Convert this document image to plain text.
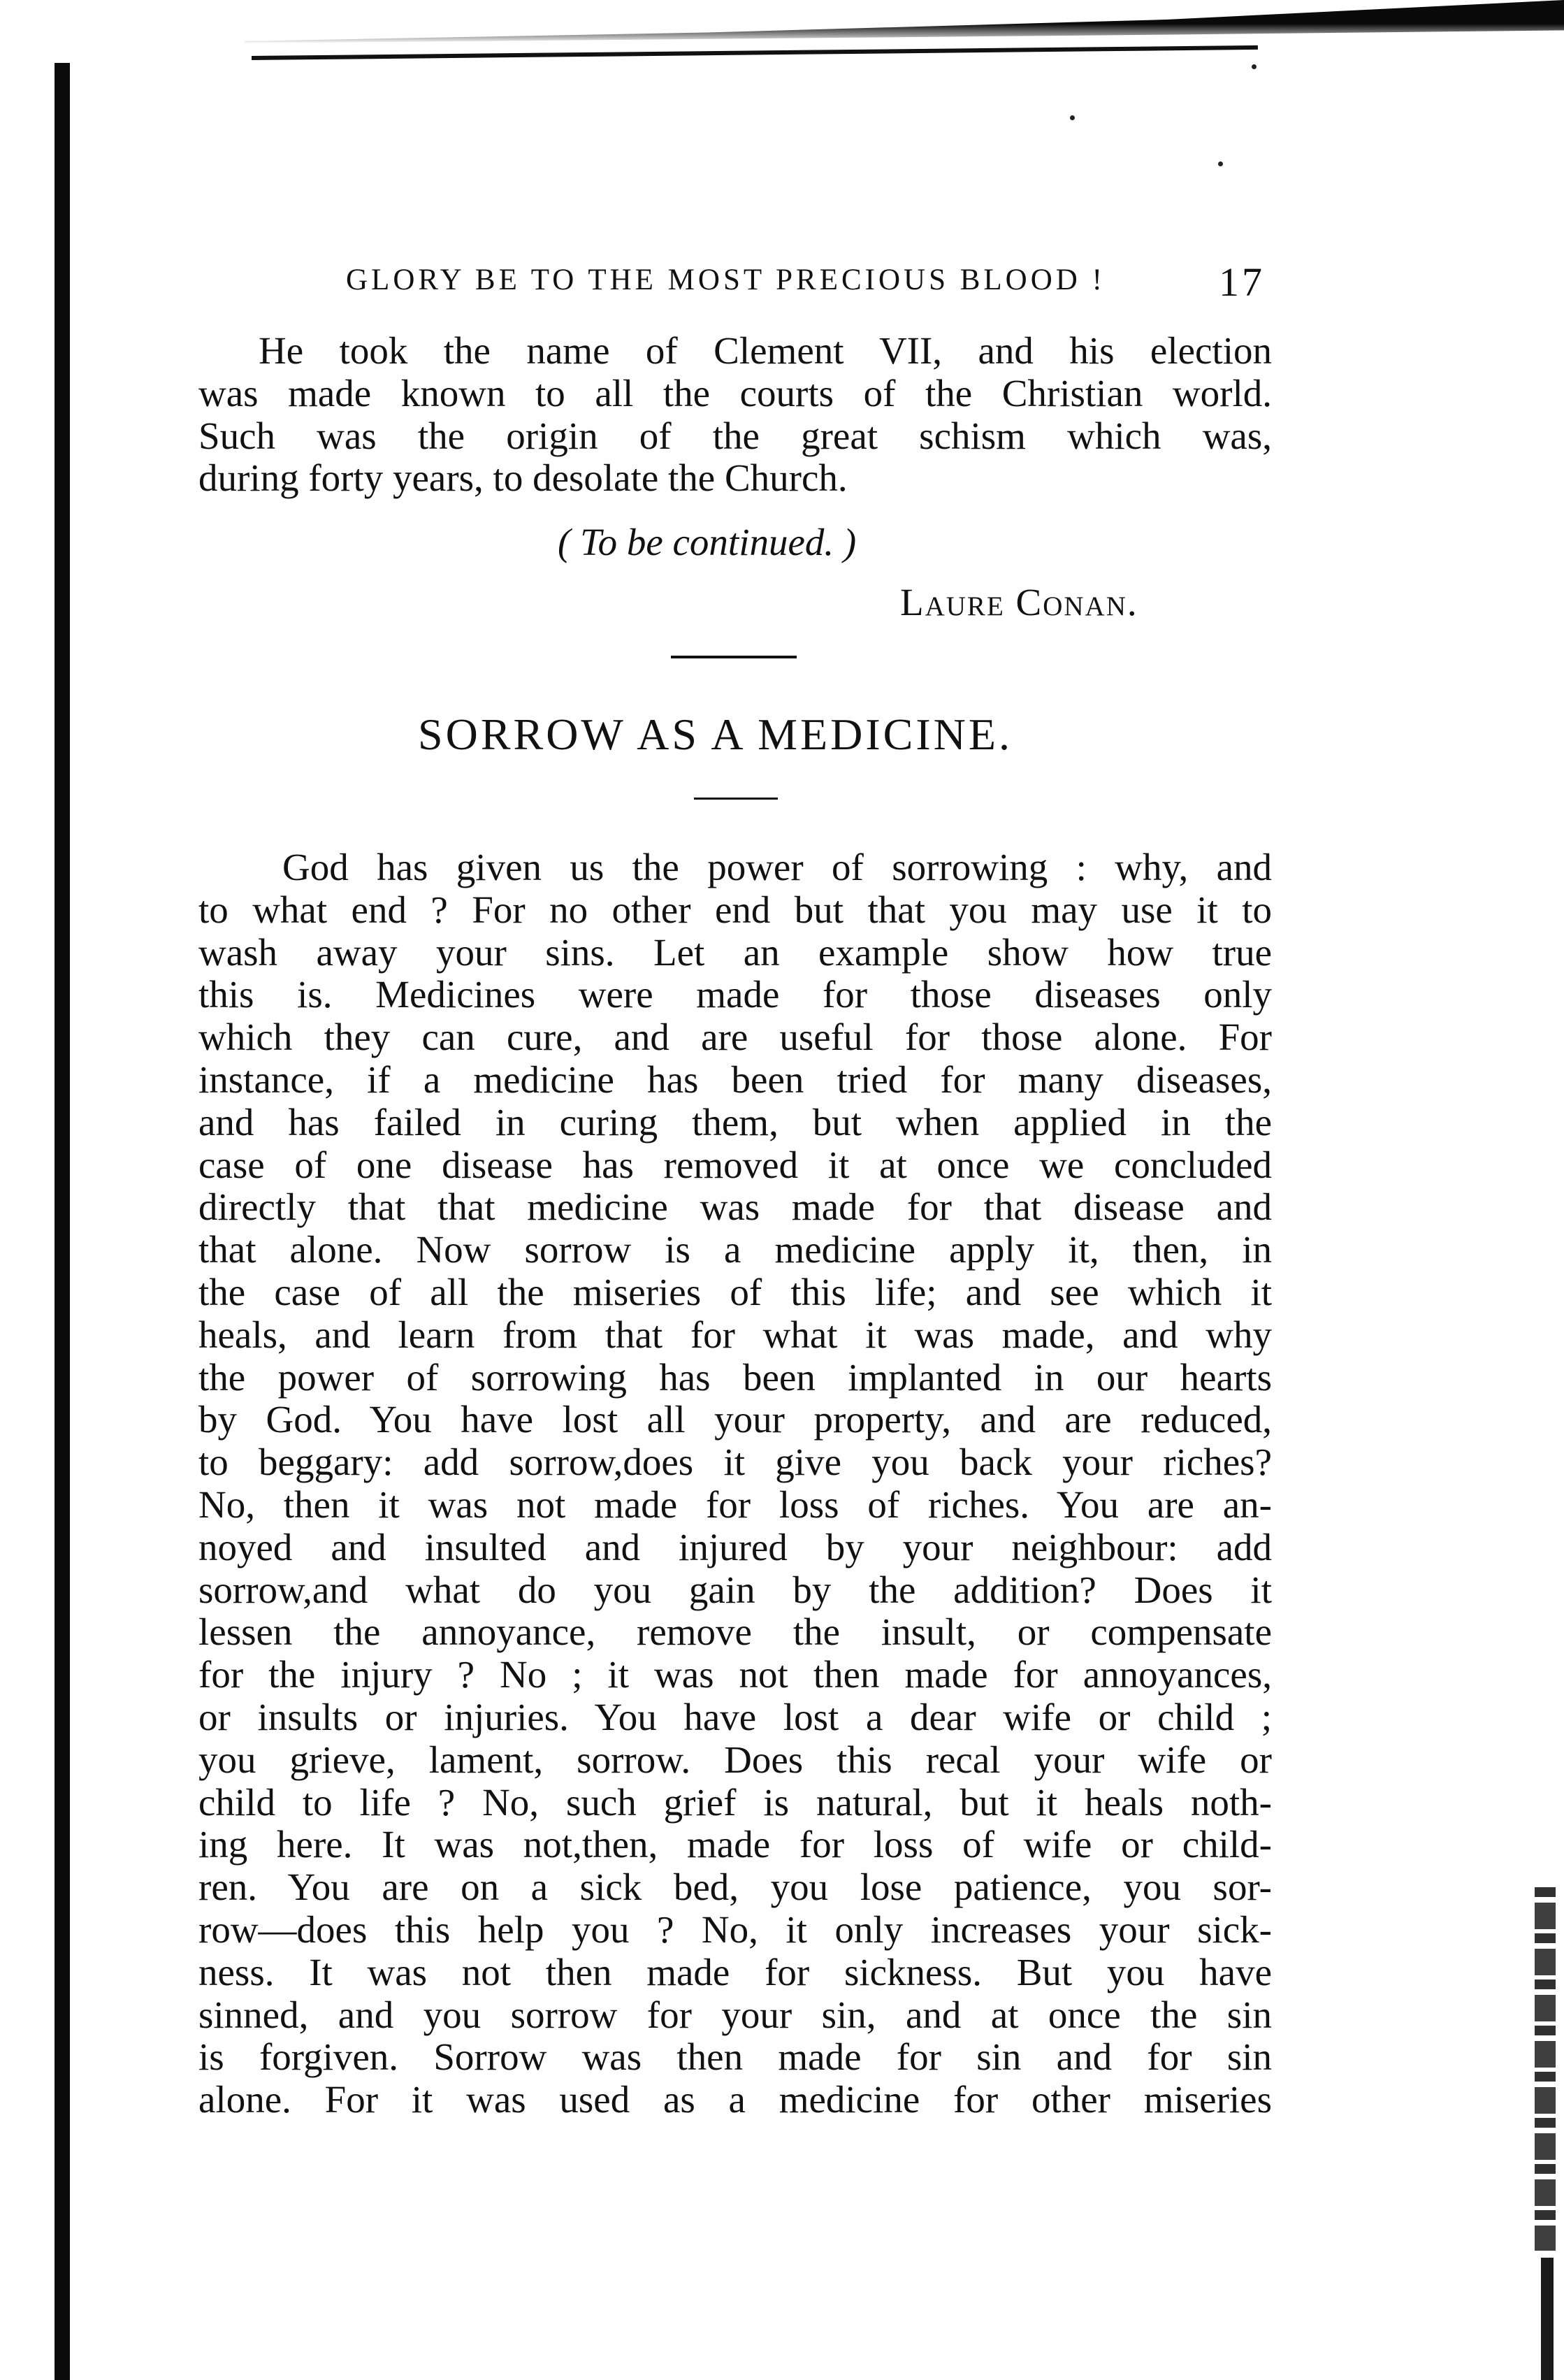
GLORY BE TO THE MOST PRECIOUS BLOOD !	17
He took the name of Clement VII, and his election
was made known to all the courts of the Christian world.
Such was the origin of the great schism which was,
during forty years, to desolate the Church.
( To be continued. )
Laure Conan.
SORROW AS A MEDICINE.
God has given us the power of sorrowing : why, and
to what end ? For no other end but that you may use it to
wash away your sins. Let an example show how true
this is. Medicines were made for those diseases only
which they can cure, and are useful for those alone. For
instance, if a medicine has been tried for many diseases,
and has failed in curing them, but when applied in the
case of one disease has removed it at once we concluded
directly that that medicine was made for that disease and
that alone. Now sorrow is a medicine apply it, then, in
the case of all the miseries of this life; and see which it
heals, and learn from that for what it was made, and why
the power of sorrowing has been implanted in our hearts
by God. You have lost all your property, and are reduced,
to beggary: add sorrow,does it give you back your riches?
No, then it was not made for loss of riches. You are an-
noyed and insulted and injured by your neighbour: add
sorrow,and what do you gain by the addition? Does it
lessen the annoyance, remove the insult, or compensate
for the injury ? No ; it was not then made for annoyances,
or insults or injuries. You have lost a dear wife or child ;
you grieve, lament, sorrow. Does this recal your wife or
child to life ? No, such grief is natural, but it heals noth-
ing here. It was not,then, made for loss of wife or child-
ren. You are on a sick bed, you lose patience, you sor-
row—does this help you ? No, it only increases your sick-
ness. It was not then made for sickness. But you have
sinned, and you sorrow for your sin, and at once the sin
is forgiven. Sorrow was then made for sin and for sin
alone. For it was used as a medicine for other miseries
